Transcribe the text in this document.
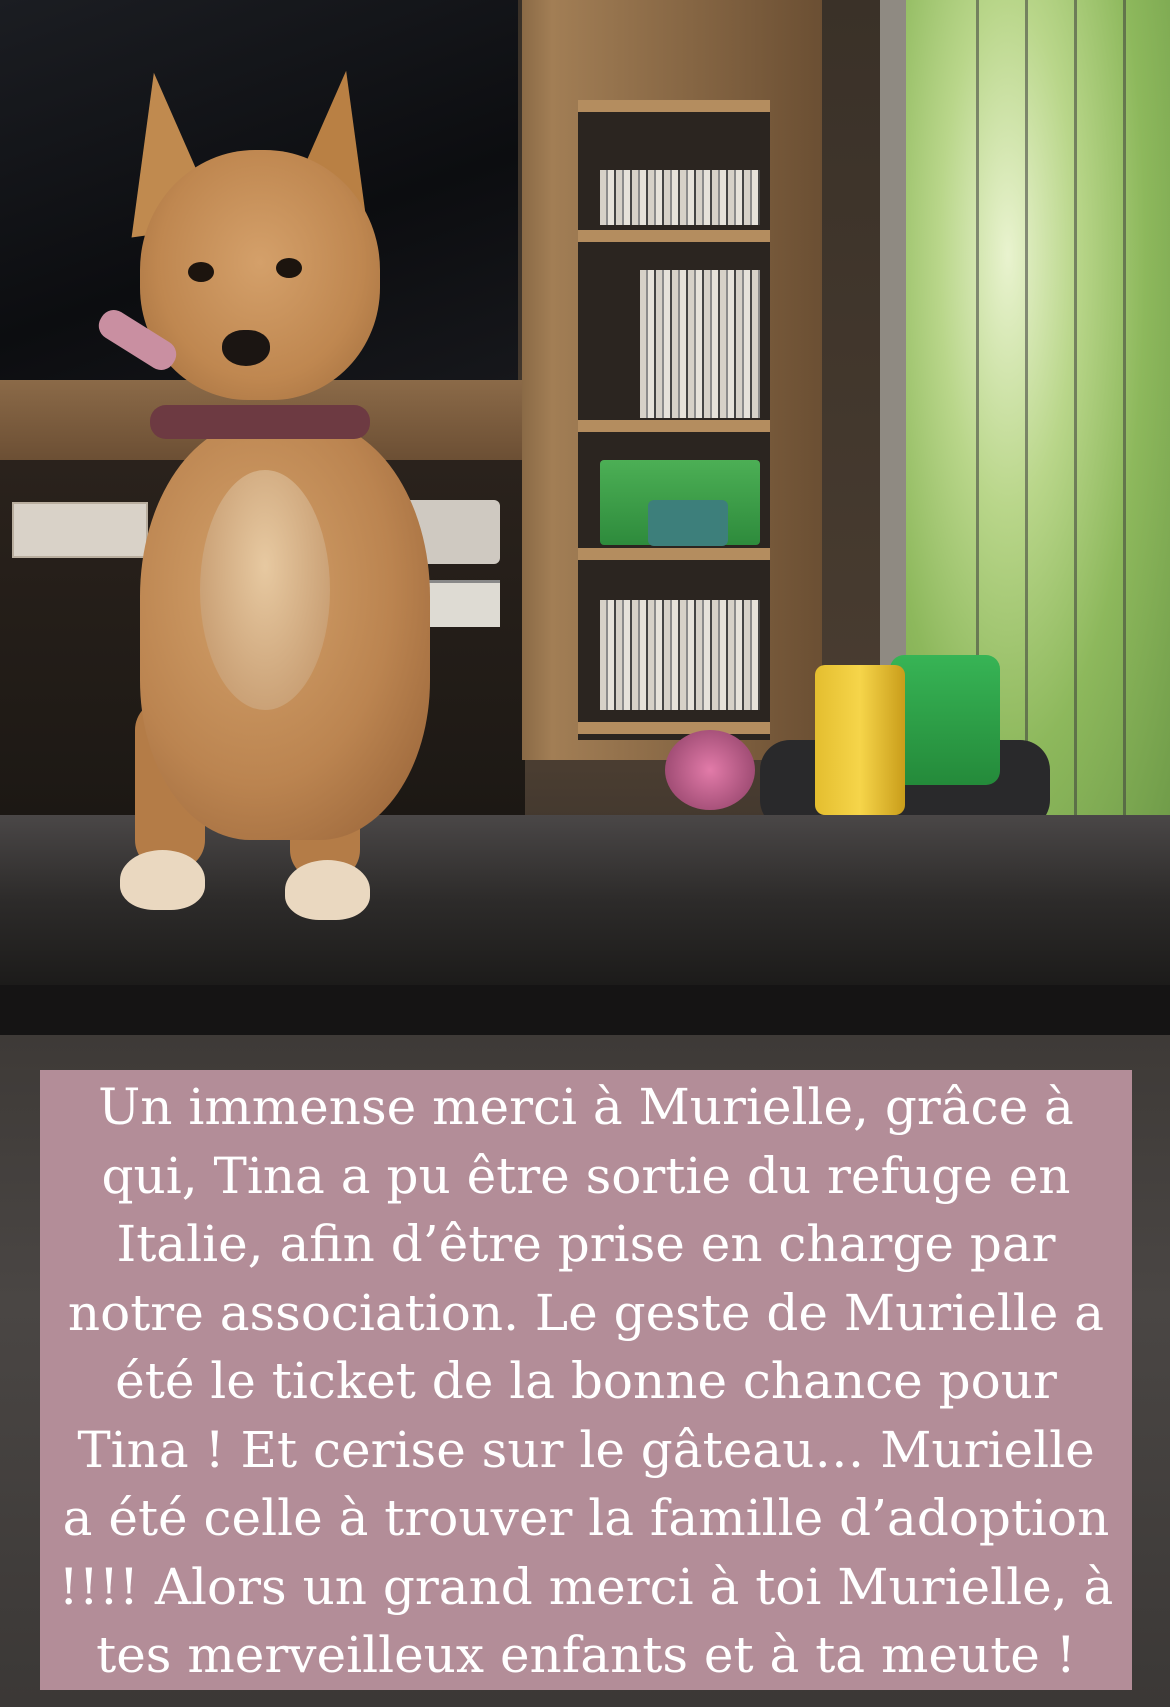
Un immense merci à Murielle, grâce à qui, Tina a pu être sortie du refuge en Italie, afin d’être prise en charge par notre association. Le geste de Murielle a été le ticket de la bonne chance pour Tina ! Et cerise sur le gâteau… Murielle a été celle à trouver la famille d’adoption !!!! Alors un grand merci à toi Murielle, à tes merveilleux enfants et à ta meute !
